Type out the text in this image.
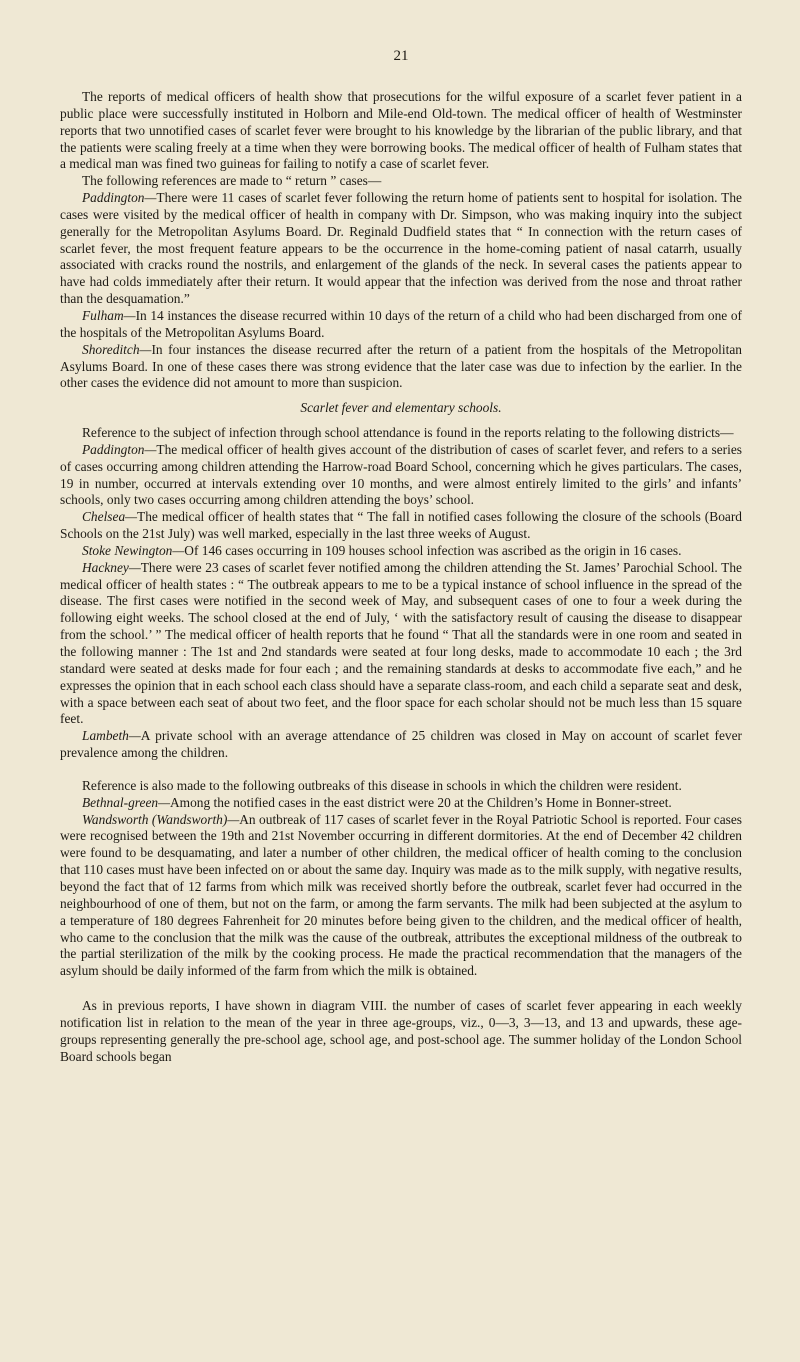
21

The reports of medical officers of health show that prosecutions for the wilful exposure of a scarlet fever patient in a public place were successfully instituted in Holborn and Mile-end Old-town. The medical officer of health of Westminster reports that two unnotified cases of scarlet fever were brought to his knowledge by the librarian of the public library, and that the patients were scaling freely at a time when they were borrowing books. The medical officer of health of Fulham states that a medical man was fined two guineas for failing to notify a case of scarlet fever.

The following references are made to “ return ” cases—

Paddington—There were 11 cases of scarlet fever following the return home of patients sent to hospital for isolation. The cases were visited by the medical officer of health in company with Dr. Simpson, who was making inquiry into the subject generally for the Metropolitan Asylums Board. Dr. Reginald Dudfield states that “ In connection with the return cases of scarlet fever, the most frequent feature appears to be the occurrence in the home-coming patient of nasal catarrh, usually associated with cracks round the nostrils, and enlargement of the glands of the neck. In several cases the patients appear to have had colds immediately after their return. It would appear that the infection was derived from the nose and throat rather than the desquamation.”

Fulham—In 14 instances the disease recurred within 10 days of the return of a child who had been discharged from one of the hospitals of the Metropolitan Asylums Board.

Shoreditch—In four instances the disease recurred after the return of a patient from the hospitals of the Metropolitan Asylums Board. In one of these cases there was strong evidence that the later case was due to infection by the earlier. In the other cases the evidence did not amount to more than suspicion.

Scarlet fever and elementary schools.

Reference to the subject of infection through school attendance is found in the reports relating to the following districts—

Paddington—The medical officer of health gives account of the distribution of cases of scarlet fever, and refers to a series of cases occurring among children attending the Harrow-road Board School, concerning which he gives particulars. The cases, 19 in number, occurred at intervals extending over 10 months, and were almost entirely limited to the girls’ and infants’ schools, only two cases occurring among children attending the boys’ school.

Chelsea—The medical officer of health states that “ The fall in notified cases following the closure of the schools (Board Schools on the 21st July) was well marked, especially in the last three weeks of August.

Stoke Newington—Of 146 cases occurring in 109 houses school infection was ascribed as the origin in 16 cases.

Hackney—There were 23 cases of scarlet fever notified among the children attending the St. James’ Parochial School. The medical officer of health states : “ The outbreak appears to me to be a typical instance of school influence in the spread of the disease. The first cases were notified in the second week of May, and subsequent cases of one to four a week during the following eight weeks. The school closed at the end of July, ‘ with the satisfactory result of causing the disease to disappear from the school.’ ” The medical officer of health reports that he found “ That all the standards were in one room and seated in the following manner : The 1st and 2nd standards were seated at four long desks, made to accommodate 10 each ; the 3rd standard were seated at desks made for four each ; and the remaining standards at desks to accommodate five each,” and he expresses the opinion that in each school each class should have a separate class-room, and each child a separate seat and desk, with a space between each seat of about two feet, and the floor space for each scholar should not be much less than 15 square feet.

Lambeth—A private school with an average attendance of 25 children was closed in May on account of scarlet fever prevalence among the children.

Reference is also made to the following outbreaks of this disease in schools in which the children were resident.

Bethnal-green—Among the notified cases in the east district were 20 at the Children’s Home in Bonner-street.

Wandsworth (Wandsworth)—An outbreak of 117 cases of scarlet fever in the Royal Patriotic School is reported. Four cases were recognised between the 19th and 21st November occurring in different dormitories. At the end of December 42 children were found to be desquamating, and later a number of other children, the medical officer of health coming to the conclusion that 110 cases must have been infected on or about the same day. Inquiry was made as to the milk supply, with negative results, beyond the fact that of 12 farms from which milk was received shortly before the outbreak, scarlet fever had occurred in the neighbourhood of one of them, but not on the farm, or among the farm servants. The milk had been subjected at the asylum to a temperature of 180 degrees Fahrenheit for 20 minutes before being given to the children, and the medical officer of health, who came to the conclusion that the milk was the cause of the outbreak, attributes the exceptional mildness of the outbreak to the partial sterilization of the milk by the cooking process. He made the practical recommendation that the managers of the asylum should be daily informed of the farm from which the milk is obtained.

As in previous reports, I have shown in diagram VIII. the number of cases of scarlet fever appearing in each weekly notification list in relation to the mean of the year in three age-groups, viz., 0—3, 3—13, and 13 and upwards, these age-groups representing generally the pre-school age, school age, and post-school age. The summer holiday of the London School Board schools began
